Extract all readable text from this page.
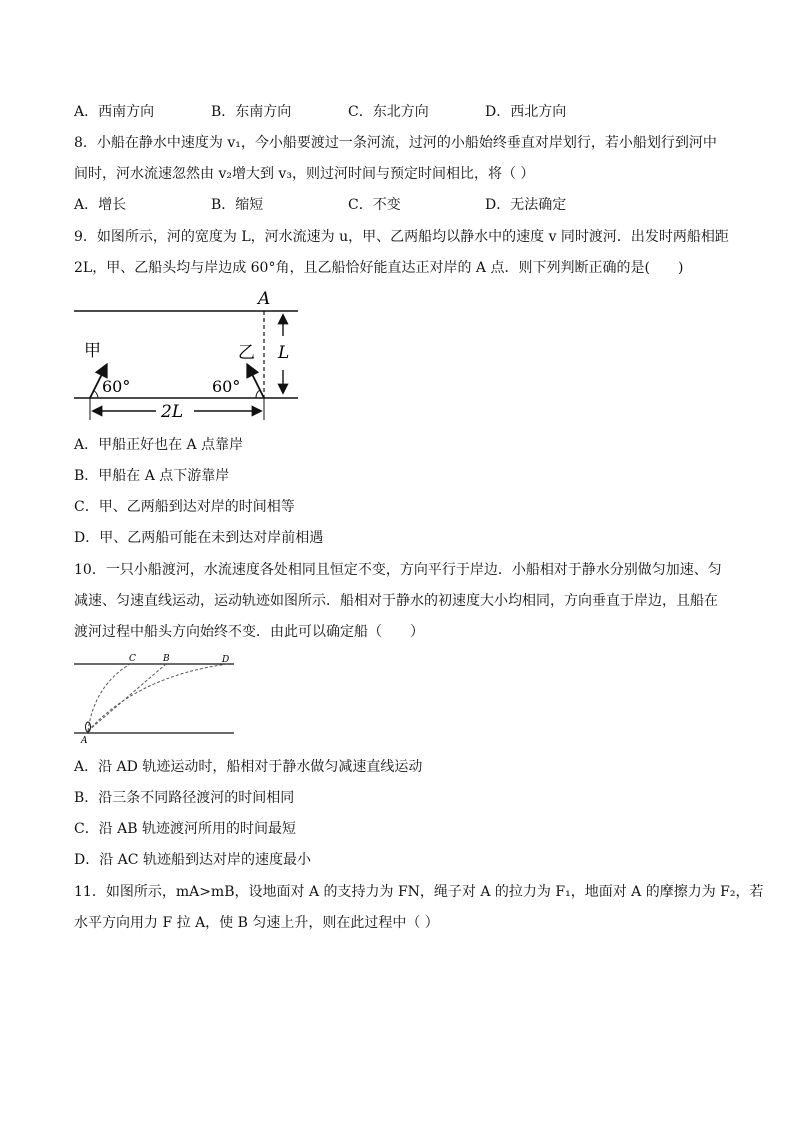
A．西南方向	B．东南方向	C．东北方向	D．西北方向
8．小船在静水中速度为 v₁，今小船要渡过一条河流，过河的小船始终垂直对岸划行，若小船划行到河中
间时，河水流速忽然由 v₂增大到 v₃，则过河时间与预定时间相比，将（ ）
A．增长	B．缩短	C．不变	D．无法确定
9．如图所示，河的宽度为 L，河水流速为 u，甲、乙两船均以静水中的速度 v 同时渡河．出发时两船相距
2L，甲、乙船头均与岸边成 60°角，且乙船恰好能直达正对岸的 A 点．则下列判断正确的是(　　)
A
L
甲
60°
乙
60°
2L
A．甲船正好也在 A 点靠岸
B．甲船在 A 点下游靠岸
C．甲、乙两船到达对岸的时间相等
D．甲、乙两船可能在未到达对岸前相遇
10．一只小船渡河，水流速度各处相同且恒定不变，方向平行于岸边．小船相对于静水分别做匀加速、匀
减速、匀速直线运动，运动轨迹如图所示．船相对于静水的初速度大小均相同，方向垂直于岸边，且船在
渡河过程中船头方向始终不变．由此可以确定船（　　）
C	B	D
A
A．沿 AD 轨迹运动时，船相对于静水做匀减速直线运动
B．沿三条不同路径渡河的时间相同
C．沿 AB 轨迹渡河所用的时间最短
D．沿 AC 轨迹船到达对岸的速度最小
11．如图所示，mA>mB，设地面对 A 的支持力为 FN，绳子对 A 的拉力为 F₁，地面对 A 的摩擦力为 F₂，若
水平方向用力 F 拉 A，使 B 匀速上升，则在此过程中（ ）
